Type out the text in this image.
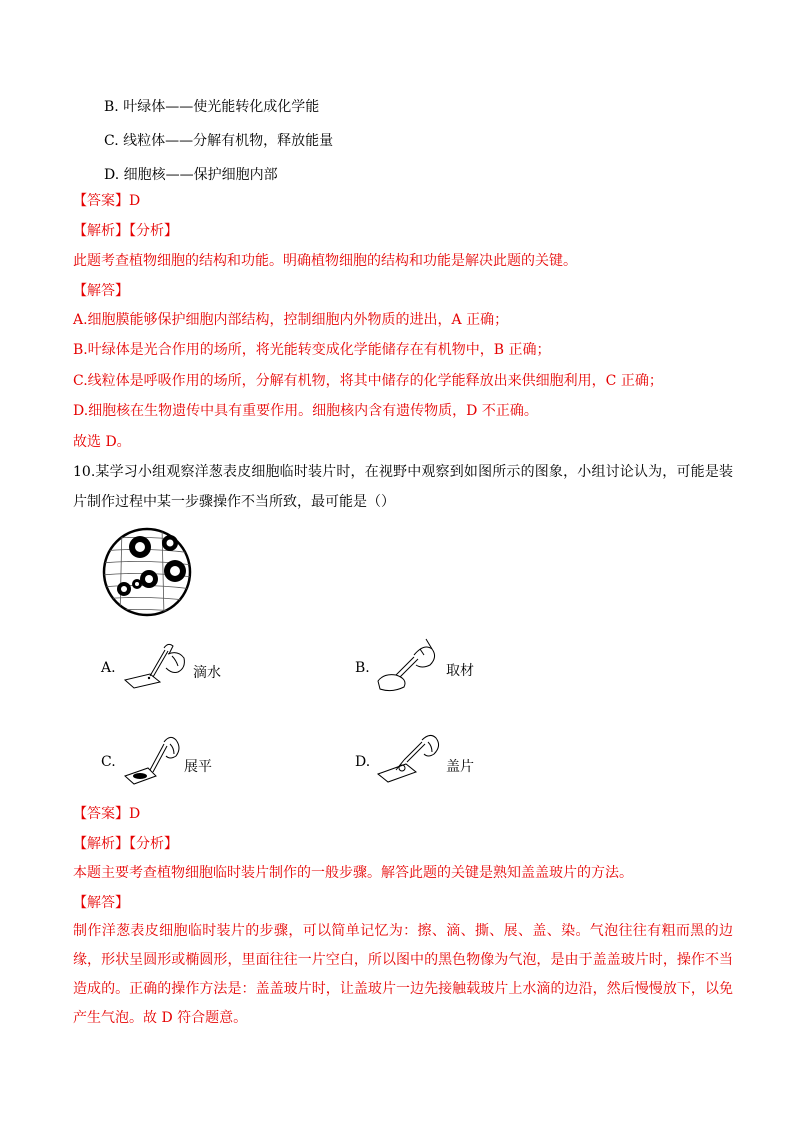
B. 叶绿体——使光能转化成化学能
C. 线粒体——分解有机物，释放能量
D. 细胞核——保护细胞内部
【答案】D
【解析】【分析】
此题考查植物细胞的结构和功能。明确植物细胞的结构和功能是解决此题的关键。
【解答】
A.细胞膜能够保护细胞内部结构，控制细胞内外物质的进出，A 正确；
B.叶绿体是光合作用的场所，将光能转变成化学能储存在有机物中，B 正确；
C.线粒体是呼吸作用的场所，分解有机物，将其中储存的化学能释放出来供细胞利用，C 正确；
D.细胞核在生物遗传中具有重要作用。细胞核内含有遗传物质，D 不正确。
故选 D。
10.某学习小组观察洋葱表皮细胞临时装片时，在视野中观察到如图所示的图象，小组讨论认为，可能是装片制作过程中某一步骤操作不当所致，最可能是（）
A.	滴水	B.	取材
C.	展平	D.	盖片
【答案】D
【解析】【分析】
本题主要考查植物细胞临时装片制作的一般步骤。解答此题的关键是熟知盖盖玻片的方法。
【解答】
制作洋葱表皮细胞临时装片的步骤，可以简单记忆为：擦、滴、撕、展、盖、染。气泡往往有粗而黑的边缘，形状呈圆形或椭圆形，里面往往一片空白，所以图中的黑色物像为气泡，是由于盖盖玻片时，操作不当造成的。正确的操作方法是：盖盖玻片时，让盖玻片一边先接触载玻片上水滴的边沿，然后慢慢放下，以免产生气泡。故 D 符合题意。
